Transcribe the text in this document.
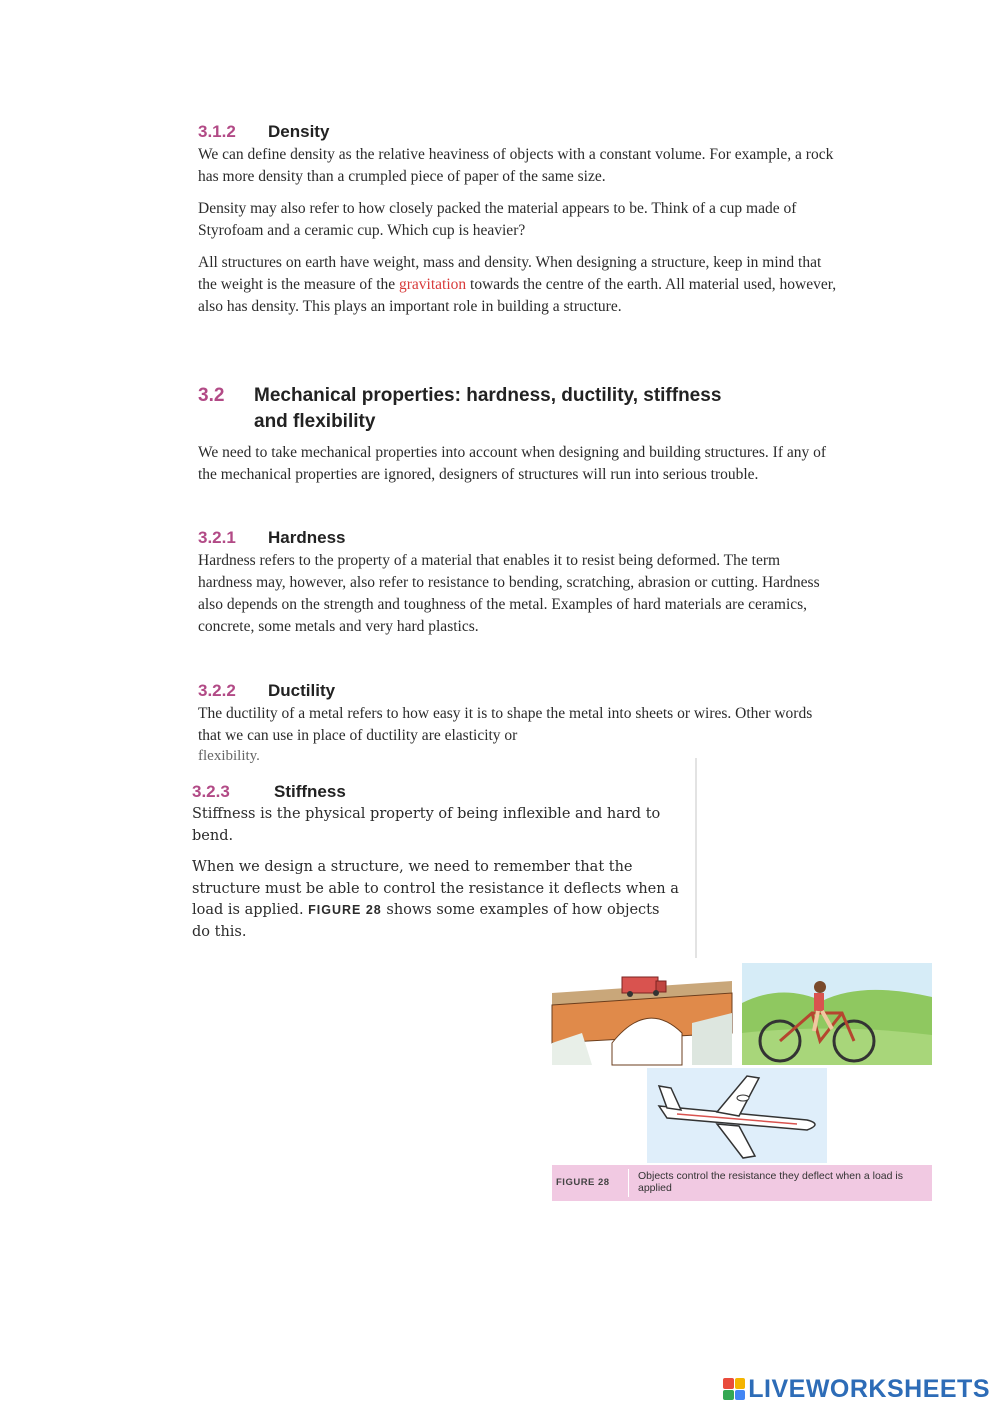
3.1.2 Density

We can define density as the relative heaviness of objects with a constant volume. For example, a rock has more density than a crumpled piece of paper of the same size.

Density may also refer to how closely packed the material appears to be. Think of a cup made of Styrofoam and a ceramic cup. Which cup is heavier?

All structures on earth have weight, mass and density. When designing a structure, keep in mind that the weight is the measure of the gravitation towards the centre of the earth. All material used, however, also has density. This plays an important role in building a structure.

3.2 Mechanical properties: hardness, ductility, stiffness
and flexibility

We need to take mechanical properties into account when designing and building structures. If any of the mechanical properties are ignored, designers of structures will run into serious trouble.

3.2.1 Hardness

Hardness refers to the property of a material that enables it to resist being deformed. The term hardness may, however, also refer to resistance to bending, scratching, abrasion or cutting. Hardness also depends on the strength and toughness of the metal. Examples of hard materials are ceramics, concrete, some metals and very hard plastics.

3.2.2 Ductility

The ductility of a metal refers to how easy it is to shape the metal into sheets or wires. Other words that we can use in place of ductility are elasticity or

flexibility.
3.2.3	Stiffness

Stiffness is the physical property of being inflexible and hard to bend.

When we design a structure, we need to remember that the structure must be able to control the resistance it deflects when a load is applied. FIGURE 28 shows some examples of how objects do this.

FIGURE 28
Objects control the resistance they deflect when a load is applied
LIVEWORKSHEETS
